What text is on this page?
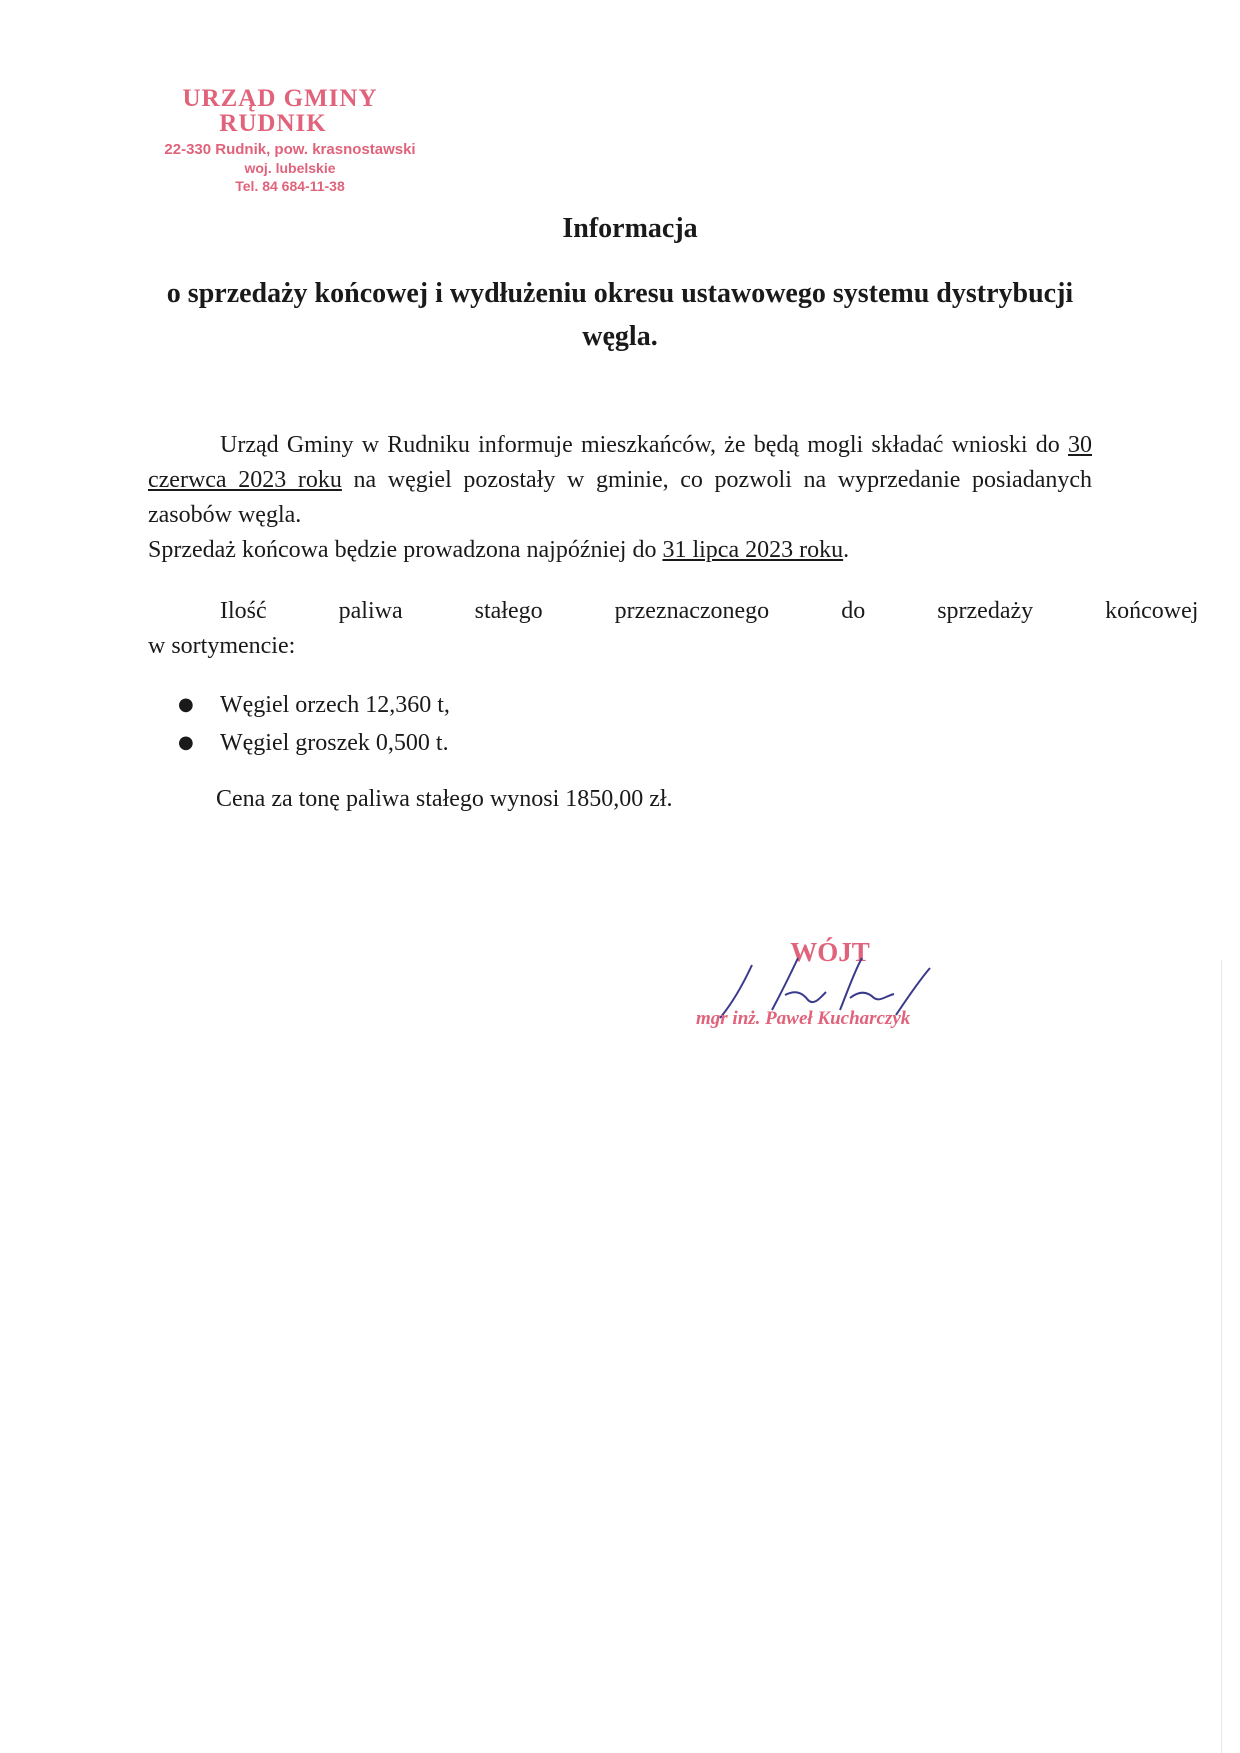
URZĄD GMINY
RUDNIK
22-330 Rudnik, pow. krasnostawski
woj. lubelskie
Tel. 84 684-11-38
Informacja
o sprzedaży końcowej i wydłużeniu okresu ustawowego systemu dystrybucji węgla.

Urząd Gminy w Rudniku informuje mieszkańców, że będą mogli składać wnioski do 30 czerwca 2023 roku na węgiel pozostały w gminie, co pozwoli na wyprzedanie posiadanych zasobów węgla.

Sprzedaż końcowa będzie prowadzona najpóźniej do 31 lipca 2023 roku.

Ilość	paliwa	stałego	przeznaczonego	do	sprzedaży	końcowej
w sortymencie:
● Węgiel orzech 12,360 t,
● Węgiel groszek 0,500 t.
Cena za tonę paliwa stałego wynosi 1850,00 zł.
WÓJT
mgr inż. Paweł Kucharczyk
